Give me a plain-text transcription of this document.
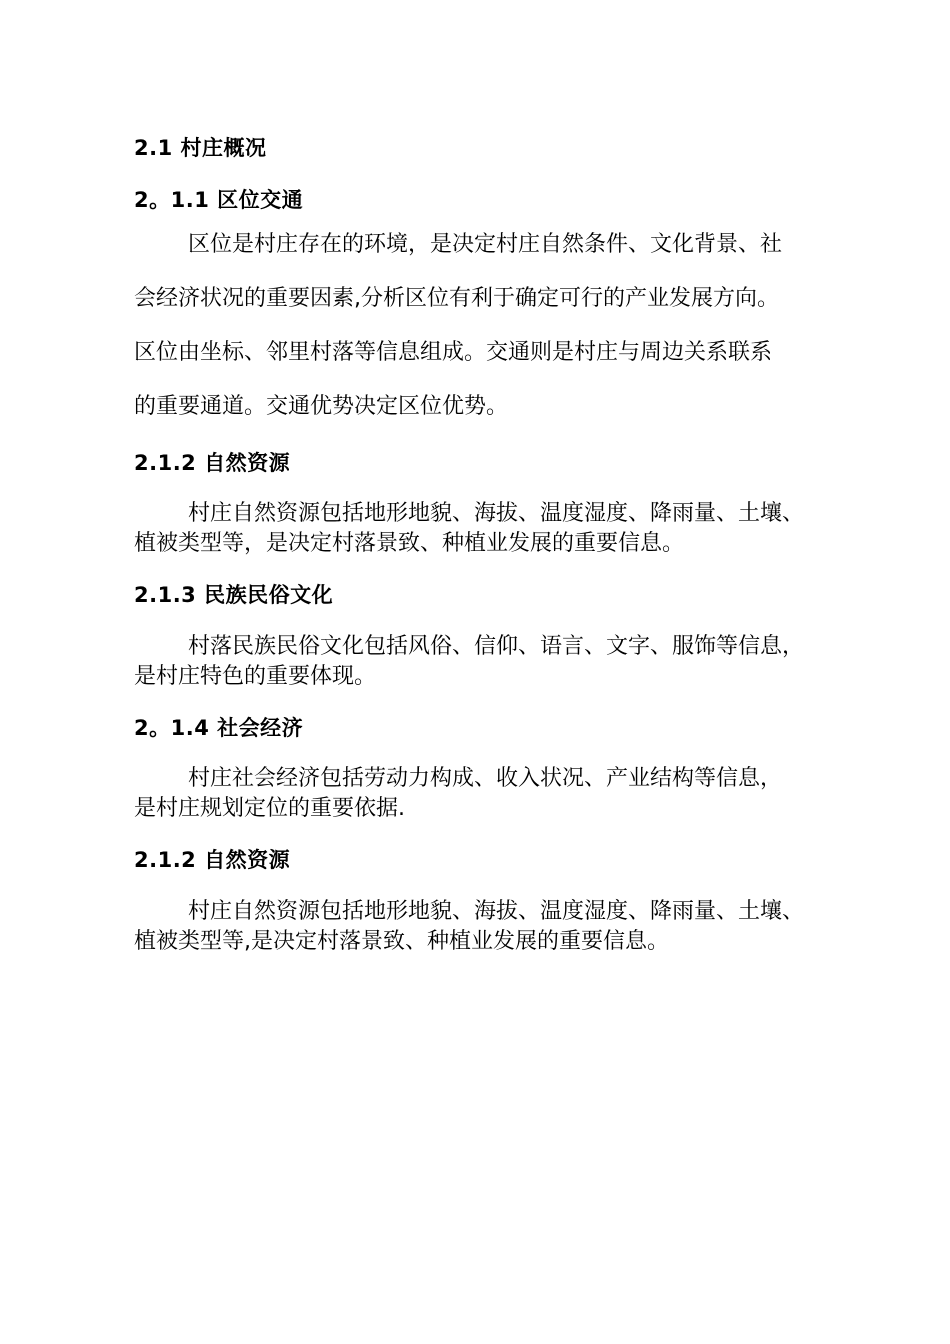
2.1 村庄概况
2。1.1 区位交通
区位是村庄存在的环境，是决定村庄自然条件、文化背景、社
会经济状况的重要因素,分析区位有利于确定可行的产业发展方向。
区位由坐标、邻里村落等信息组成。交通则是村庄与周边关系联系
的重要通道。交通优势决定区位优势。
2.1.2 自然资源
村庄自然资源包括地形地貌、海拔、温度湿度、降雨量、土壤、
植被类型等，是决定村落景致、种植业发展的重要信息。
2.1.3 民族民俗文化
村落民族民俗文化包括风俗、信仰、语言、文字、服饰等信息，
是村庄特色的重要体现。
2。1.4 社会经济
村庄社会经济包括劳动力构成、收入状况、产业结构等信息，
是村庄规划定位的重要依据.
2.1.2 自然资源
村庄自然资源包括地形地貌、海拔、温度湿度、降雨量、土壤、
植被类型等,是决定村落景致、种植业发展的重要信息。
